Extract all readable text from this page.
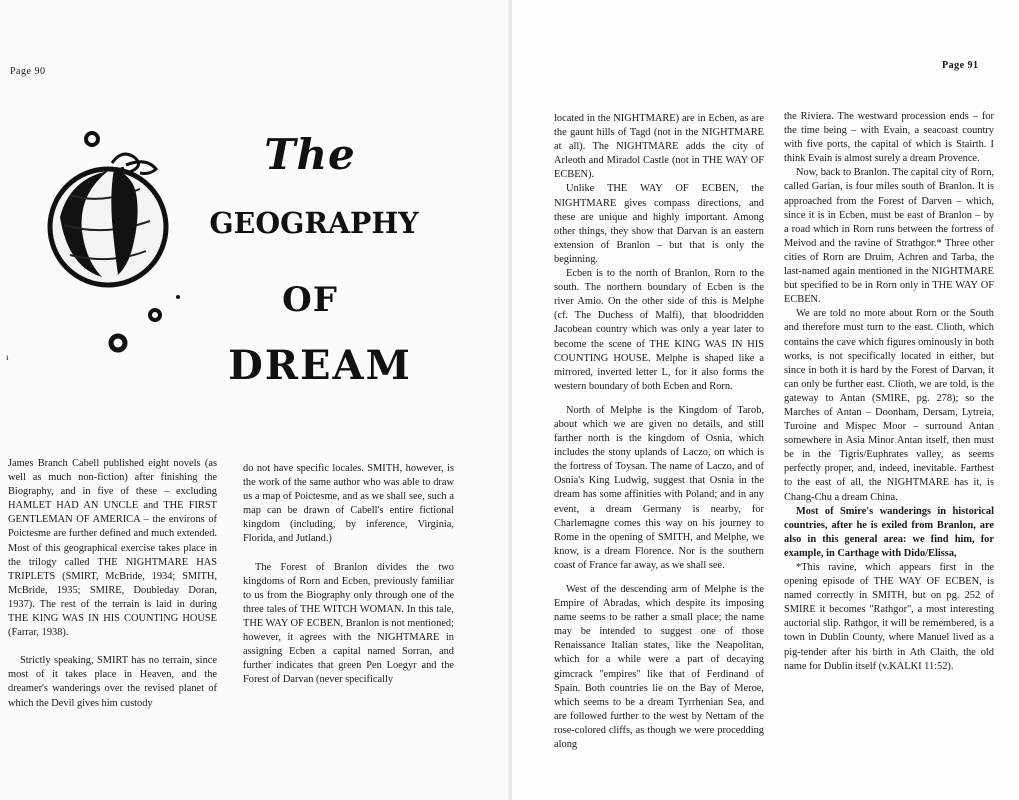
Page 90
The
GEOGRAPHY
OF
DREAM
ı

James Branch Cabell published eight novels (as well as much non-fiction) after finishing the Biography, and in five of these – excluding HAMLET HAD AN UNCLE and THE FIRST GENTLEMAN OF AMERICA – the environs of Poictesme are further defined and much extended. Most of this geographical exercise takes place in the trilogy called THE NIGHTMARE HAS TRIPLETS (SMIRT, McBride, 1934; SMITH, McBride, 1935; SMIRE, Doubleday Doran, 1937). The rest of the terrain is laid in during THE KING WAS IN HIS COUNTING HOUSE (Farrar, 1938).

Strictly speaking, SMIRT has no terrain, since most of it takes place in Heaven, and the dreamer's wanderings over the revised planet of which the Devil gives him custody

do not have specific locales. SMITH, however, is the work of the same author who was able to draw us a map of Poictesme, and as we shall see, such a map can be drawn of Cabell's entire fictional kingdom (including, by inference, Virginia, Florida, and Jutland.)

The Forest of Branlon divides the two kingdoms of Rorn and Ecben, previously familiar to us from the Biography only through one of the three tales of THE WITCH WOMAN. In this tale, THE WAY OF ECBEN, Branlon is not mentioned; however, it agrees with the NIGHTMARE in assigning Ecben a capital named Sorran, and further indicates that green Pen Loegyr and the Forest of Darvan (never specifically

Page 91

located in the NIGHTMARE) are in Ecben, as are the gaunt hills of Tagd (not in the NIGHTMARE at all). The NIGHTMARE adds the city of Arleoth and Miradol Castle (not in THE WAY OF ECBEN).

Unlike THE WAY OF ECBEN, the NIGHTMARE gives compass directions, and these are unique and highly important. Among other things, they show that Darvan is an eastern extension of Branlon – but that is only the beginning.

Ecben is to the north of Branlon, Rorn to the south. The northern boundary of Ecben is the river Amio. On the other side of this is Melphe (cf. The Duchess of Malfi), that bloodridden Jacobean country which was only a year later to become the scene of THE KING WAS IN HIS COUNTING HOUSE. Melphe is shaped like a mirrored, inverted letter L, for it also forms the western boundary of both Ecben and Rorn.

North of Melphe is the Kingdom of Tarob, about which we are given no details, and still farther north is the kingdom of Osnia, which includes the stony uplands of Laczo, on which is the fortress of Toysan. The name of Laczo, and of Osnia's King Ludwig, suggest that Osnia in the dream has some affinities with Poland; and in any event, a dream Germany is nearby, for Charlemagne comes this way on his journey to Rome in the opening of SMITH, and Melphe, we know, is a dream Florence. Nor is the southern coast of France far away, as we shall see.

West of the descending arm of Melphe is the Empire of Abradas, which despite its imposing name seems to be rather a small place; the name may be intended to suggest one of those Renaissance Italian states, like the Neapolitan, which for a while were a part of decaying gimcrack "empires" like that of Ferdinand of Spain. Both countries lie on the Bay of Meroe, which seems to be a dream Tyrrhenian Sea, and are followed further to the west by Nettam of the rose-colored cliffs, as though we were procedding along

the Riviera. The westward procession ends – for the time being – with Evain, a seacoast country with five ports, the capital of which is Stairth. I think Evain is almost surely a dream Provence.

Now, back to Branlon. The capital city of Rorn, called Garian, is four miles south of Branlon. It is approached from the Forest of Darven – which, since it is in Ecben, must be east of Branlon – by a road which in Rorn runs between the fortress of Meivod and the ravine of Strathgor.* Three other cities of Rorn are Druim, Achren and Tarba, the last-named again mentioned in the NIGHTMARE but specified to be in Rorn only in THE WAY OF ECBEN.

We are told no more about Rorn or the South and therefore must turn to the east. Clioth, which contains the cave which figures ominously in both works, is not specifically located in either, but since in both it is hard by the Forest of Darvan, it can only be further east. Clioth, we are told, is the gateway to Antan (SMIRE, pg. 278); so the Marches of Antan – Doonham, Dersam, Lytreia, Turoine and Mispec Moor – surround Antan somewhere in Asia Minor Antan itself, then must be in the Tigris/Euphrates valley, as seems perfectly proper, and, indeed, inevitable. Farthest to the east of all, the NIGHTMARE has it, is Chang-Chu a dream China.

Most of Smire's wanderings in historical countries, after he is exiled from Branlon, are also in this general area: we find him, for example, in Carthage with Dido/Elissa,

*This ravine, which appears first in the opening episode of THE WAY OF ECBEN, is named correctly in SMITH, but on pg. 252 of SMIRE it becomes "Rathgor", a most interesting auctorial slip. Rathgor, it will be remembered, is a town in Dublin County, where Manuel lived as a pig-tender after his birth in Ath Claith, the old name for Dublin itself (v.KALKI 11:52).
